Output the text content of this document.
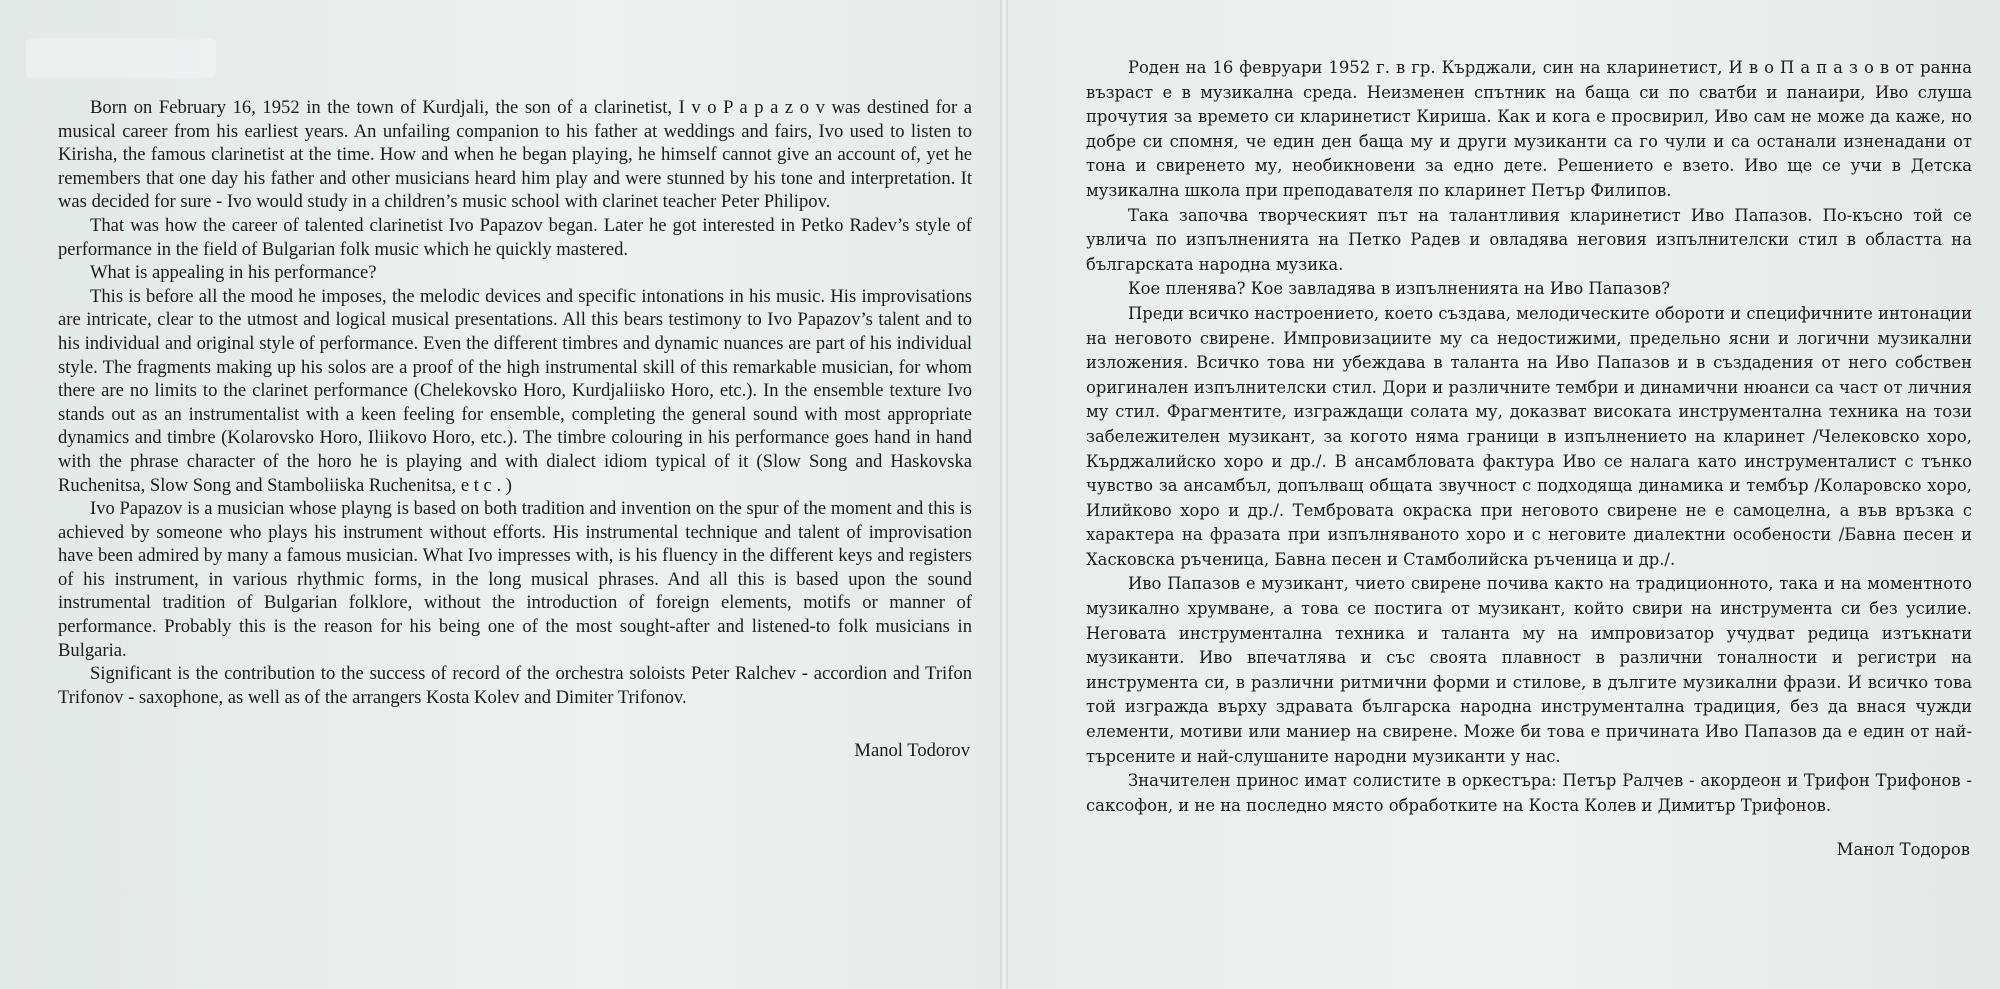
Born on February 16, 1952 in the town of Kurdjali, the son of a clarinetist, I v o P a p a z o v was destined for a musical career from his earliest years. An unfailing companion to his father at weddings and fairs, Ivo used to listen to Kirisha, the famous clarinetist at the time. How and when he began playing, he himself cannot give an account of, yet he remembers that one day his father and other musicians heard him play and were stunned by his tone and interpretation. It was decided for sure - Ivo would study in a children’s music school with clarinet teacher Peter Philipov.

That was how the career of talented clarinetist Ivo Papazov began. Later he got interested in Petko Radev’s style of performance in the field of Bulgarian folk music which he quickly mastered.

What is appealing in his performance?

This is before all the mood he imposes, the melodic devices and specific intonations in his music. His improvisations are intricate, clear to the utmost and logical musical presentations. All this bears testimony to Ivo Papazov’s talent and to his individual and original style of performance. Even the different timbres and dynamic nuances are part of his individual style. The fragments making up his solos are a proof of the high instrumental skill of this remarkable musician, for whom there are no limits to the clarinet performance (Chelekovsko Horo, Kurdjaliisko Horo, etc.). In the ensemble texture Ivo stands out as an instrumentalist with a keen feeling for ensemble, completing the general sound with most appropriate dynamics and timbre (Kolarovsko Horo, Iliikovo Horo, etc.). The timbre colouring in his performance goes hand in hand with the phrase character of the horo he is playing and with dialect idiom typical of it (Slow Song and Haskovska Ruchenitsa, Slow Song and Stamboliiska Ruchenitsa, e t c . )

Ivo Papazov is a musician whose playng is based on both tradition and invention on the spur of the moment and this is achieved by someone who plays his instrument without efforts. His instrumental technique and talent of improvisation have been admired by many a famous musician. What Ivo impresses with, is his fluency in the different keys and registers of his instrument, in various rhythmic forms, in the long musical phrases. And all this is based upon the sound instrumental tradition of Bulgarian folklore, without the introduction of foreign elements, motifs or manner of performance. Probably this is the reason for his being one of the most sought-after and listened-to folk musicians in Bulgaria.

Significant is the contribution to the success of record of the orchestra soloists Peter Ralchev - accordion and Trifon Trifonov - saxophone, as well as of the arrangers Kosta Kolev and Dimiter Trifonov.

Manol Todorov

Роден на 16 февруари 1952 г. в гр. Кърджали, син на кларинетист, И в о П а п а з о в от ранна възраст е в музикална среда. Неизменен спътник на баща си по сватби и панаири, Иво слуша прочутия за времето си кларинетист Кириша. Как и кога е просвирил, Иво сам не може да каже, но добре си спомня, че един ден баща му и други музиканти са го чули и са останали изненадани от тона и свиренето му, необикновени за едно дете. Решението е взето. Иво ще се учи в Детска музикална школа при преподавателя по кларинет Петър Филипов.

Така започва творческият път на талантливия кларинетист Иво Папазов. По-късно той се увлича по изпълненията на Петко Радев и овладява неговия изпълнителски стил в областта на българската народна музика.

Кое пленява? Кое завладява в изпълненията на Иво Папазов?

Преди всичко настроението, което създава, мелодическите обороти и специфичните интонации на неговото свирене. Импровизациите му са недостижими, предельно ясни и логични музикални изложения. Всичко това ни убеждава в таланта на Иво Папазов и в създадения от него собствен оригинален изпълнителски стил. Дори и различните тембри и динамични нюанси са част от личния му стил. Фрагментите, изграждащи солата му, доказват високата инструментална техника на този забележителен музикант, за когото няма граници в изпълнението на кларинет /Челековско хоро, Кърджалийско хоро и др./. В ансамбловата фактура Иво се налага като инструменталист с тънко чувство за ансамбъл, допълващ общата звучност с подходяща динамика и тембър /Коларовско хоро, Илийково хоро и др./. Темброватa окраска при неговото свирене не е самоцелна, а във връзка с характера на фразата при изпълняваното хоро и с неговите диалектни особености /Бавна песен и Хасковска ръченица, Бавна песен и Стамболийска ръченица и др./.

Иво Папазов е музикант, чието свирене почива както на традиционното, така и на моментното музикално хрумване, а това се постига от музикант, който свири на инструмента си без усилие. Неговата инструментална техника и таланта му на импровизатор учудват редица изтъкнати музиканти. Иво впечатлява и със своята плавност в различни тоналности и регистри на инструмента си, в различни ритмични форми и стилове, в дългите музикални фрази. И всичко това той изгражда върху здравата българска народна инструментална традиция, без да внася чужди елементи, мотиви или маниер на свирене. Може би това е причината Иво Папазов да е един от най-търсените и най-слушаните народни музиканти у нас.

Значителен принос имат солистите в оркестъра: Петър Ралчев - акордеон и Трифон Трифонов - саксофон, и не на последно място обработките на Коста Колев и Димитър Трифонов.

Манол Тодоров
